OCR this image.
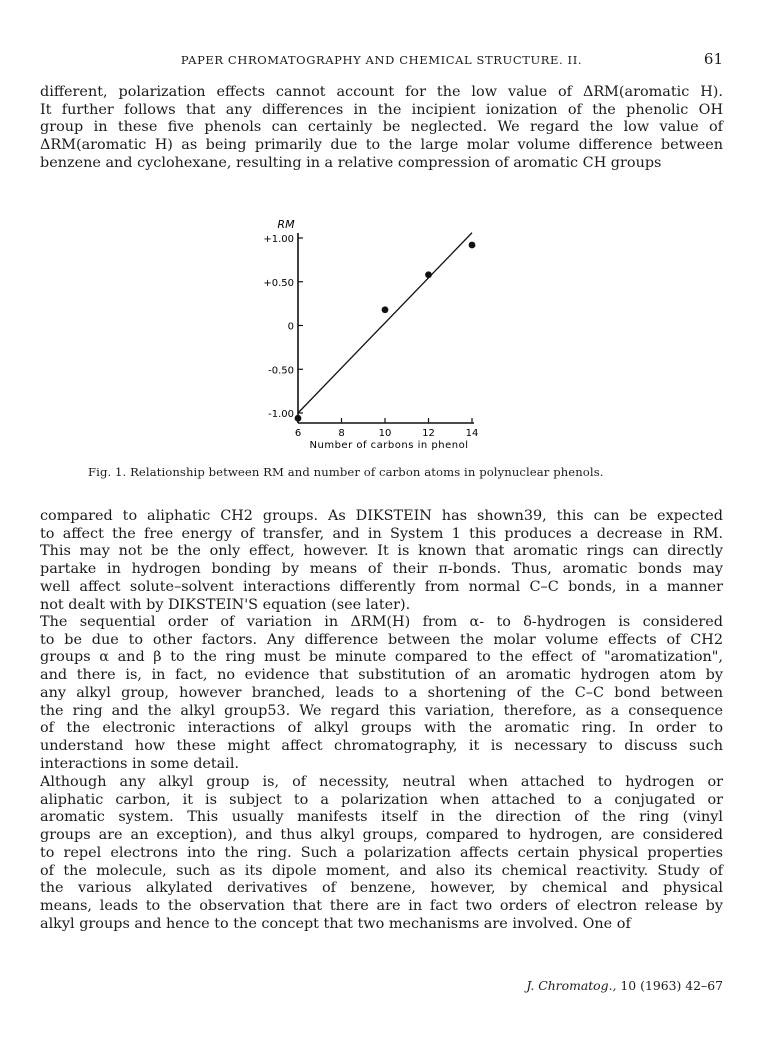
PAPER CHROMATOGRAPHY AND CHEMICAL STRUCTURE. II.	61
different, polarization effects cannot account for the low value of ΔRM(aromatic H).
It further follows that any differences in the incipient ionization of the phenolic OH
group in these five phenols can certainly be neglected. We regard the low value of
ΔRM(aromatic H) as being primarily due to the large molar volume difference between
benzene and cyclohexane, resulting in a relative compression of aromatic CH groups
+1.00
+0.50
0
-0.50
-1.00
RM
6	8	10	12	14
Number of carbons in phenol
Fig. 1. Relationship between RM and number of carbon atoms in polynuclear phenols.
compared to aliphatic CH2 groups. As DIKSTEIN has shown39, this can be expected
to affect the free energy of transfer, and in System 1 this produces a decrease in RM.
This may not be the only effect, however. It is known that aromatic rings can directly
partake in hydrogen bonding by means of their π-bonds. Thus, aromatic bonds may
well affect solute–solvent interactions differently from normal C–C bonds, in a manner
not dealt with by DIKSTEIN'S equation (see later).
The sequential order of variation in ΔRM(H) from α- to δ-hydrogen is considered
to be due to other factors. Any difference between the molar volume effects of CH2
groups α and β to the ring must be minute compared to the effect of "aromatization",
and there is, in fact, no evidence that substitution of an aromatic hydrogen atom by
any alkyl group, however branched, leads to a shortening of the C–C bond between
the ring and the alkyl group53. We regard this variation, therefore, as a consequence
of the electronic interactions of alkyl groups with the aromatic ring. In order to
understand how these might affect chromatography, it is necessary to discuss such
interactions in some detail.
Although any alkyl group is, of necessity, neutral when attached to hydrogen or
aliphatic carbon, it is subject to a polarization when attached to a conjugated or
aromatic system. This usually manifests itself in the direction of the ring (vinyl
groups are an exception), and thus alkyl groups, compared to hydrogen, are considered
to repel electrons into the ring. Such a polarization affects certain physical properties
of the molecule, such as its dipole moment, and also its chemical reactivity. Study of
the various alkylated derivatives of benzene, however, by chemical and physical
means, leads to the observation that there are in fact two orders of electron release by
alkyl groups and hence to the concept that two mechanisms are involved. One of
J. Chromatog., 10 (1963) 42–67
